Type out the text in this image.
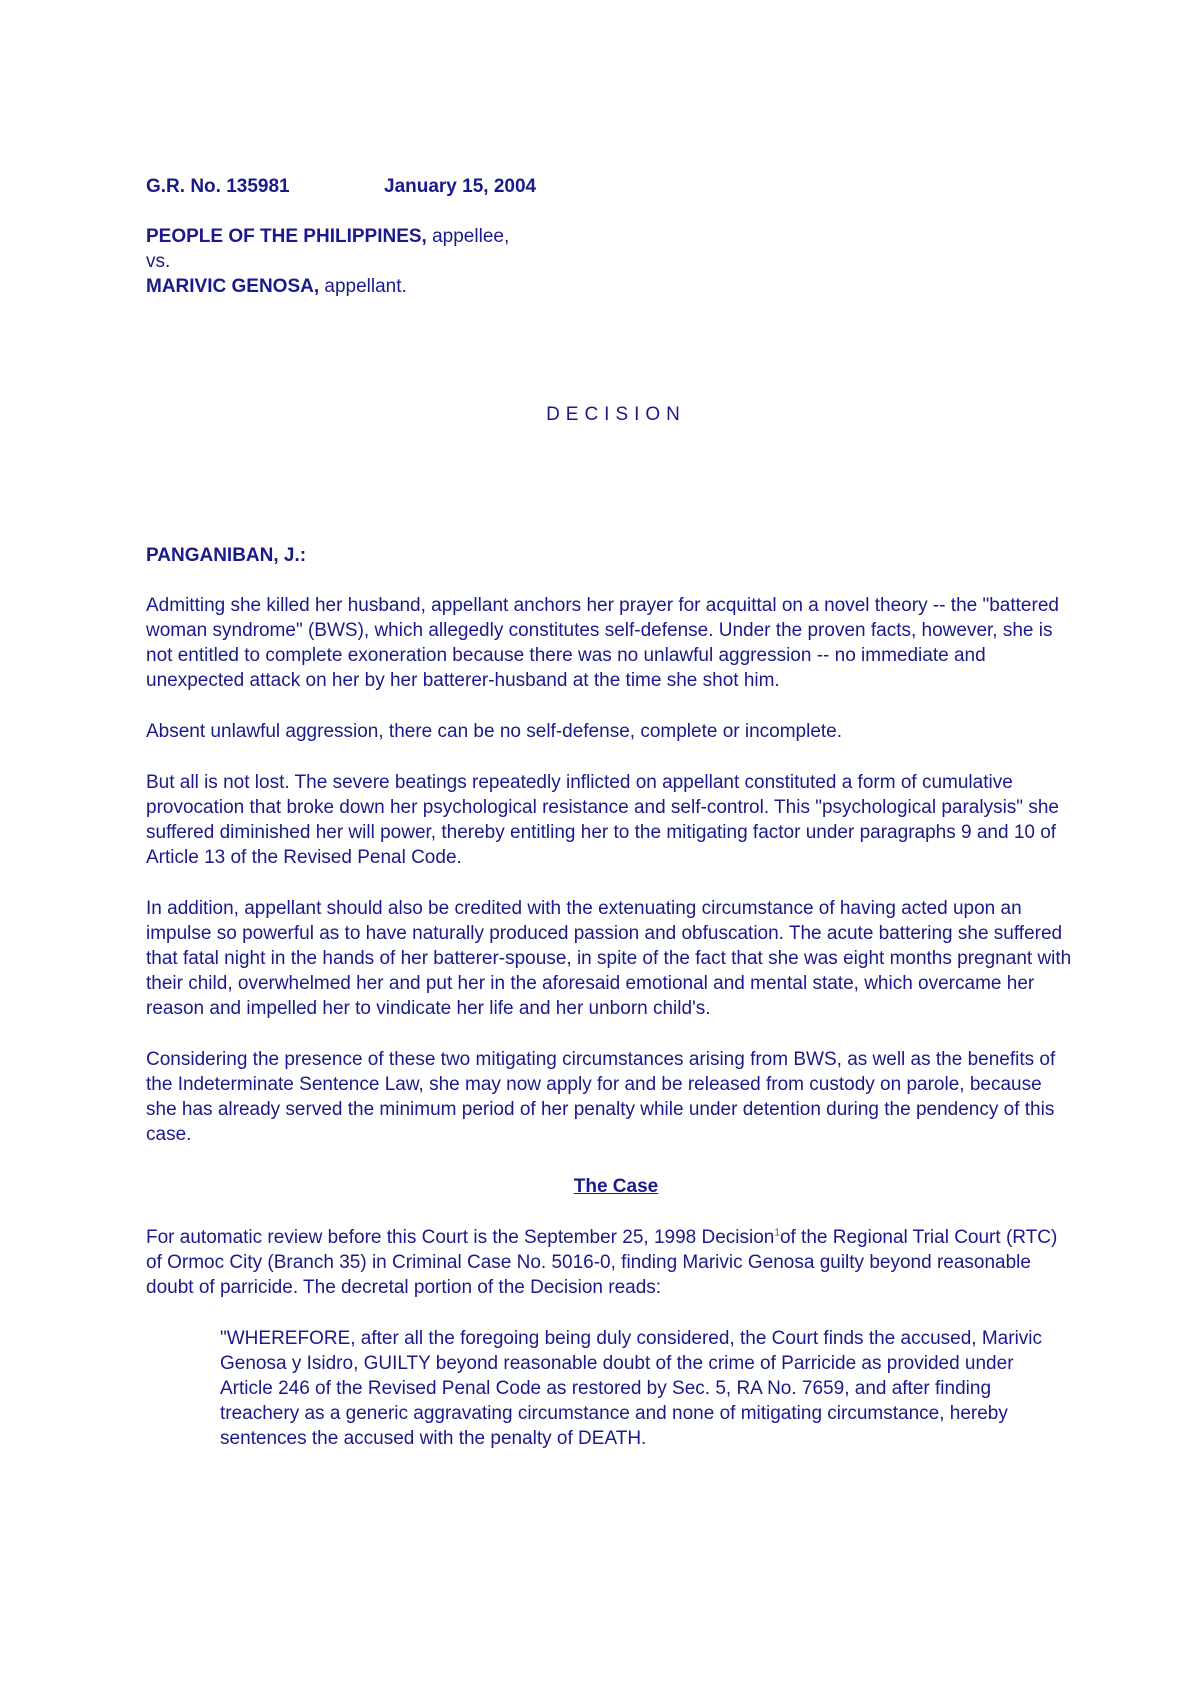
G.R. No. 135981	January 15, 2004
PEOPLE OF THE PHILIPPINES, appellee,
vs.
MARIVIC GENOSA, appellant.
DECISION
PANGANIBAN, J.:

Admitting she killed her husband, appellant anchors her prayer for acquittal on a novel theory -- the "battered woman syndrome" (BWS), which allegedly constitutes self-defense. Under the proven facts, however, she is not entitled to complete exoneration because there was no unlawful aggression -- no immediate and unexpected attack on her by her batterer-husband at the time she shot him.

Absent unlawful aggression, there can be no self-defense, complete or incomplete.

But all is not lost. The severe beatings repeatedly inflicted on appellant constituted a form of cumulative provocation that broke down her psychological resistance and self-control. This "psychological paralysis" she suffered diminished her will power, thereby entitling her to the mitigating factor under paragraphs 9 and 10 of Article 13 of the Revised Penal Code.

In addition, appellant should also be credited with the extenuating circumstance of having acted upon an impulse so powerful as to have naturally produced passion and obfuscation. The acute battering she suffered that fatal night in the hands of her batterer-spouse, in spite of the fact that she was eight months pregnant with their child, overwhelmed her and put her in the aforesaid emotional and mental state, which overcame her reason and impelled her to vindicate her life and her unborn child's.

Considering the presence of these two mitigating circumstances arising from BWS, as well as the benefits of the Indeterminate Sentence Law, she may now apply for and be released from custody on parole, because she has already served the minimum period of her penalty while under detention during the pendency of this case.

The Case

For automatic review before this Court is the September 25, 1998 Decision$^1$of the Regional Trial Court (RTC) of Ormoc City (Branch 35) in Criminal Case No. 5016-0, finding Marivic Genosa guilty beyond reasonable doubt of parricide. The decretal portion of the Decision reads:

"WHEREFORE, after all the foregoing being duly considered, the Court finds the accused, Marivic Genosa y Isidro, GUILTY beyond reasonable doubt of the crime of Parricide as provided under Article 246 of the Revised Penal Code as restored by Sec. 5, RA No. 7659, and after finding treachery as a generic aggravating circumstance and none of mitigating circumstance, hereby sentences the accused with the penalty of DEATH.
